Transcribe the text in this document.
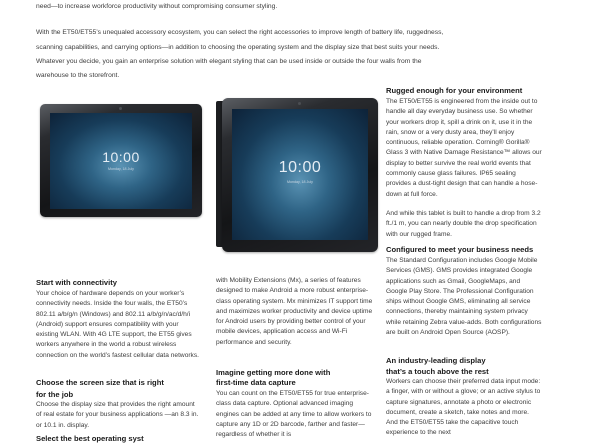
need—to increase workforce productivity without compromising consumer styling.

With the ET50/ET55’s unequaled accessory ecosystem, you can select the right accessories to improve length of battery life, ruggedness,

scanning capabilities, and carrying options—in addition to choosing the operating system and the display size that best suits your needs.

Whatever you decide, you gain an enterprise solution with elegant styling that can be used inside or outside the four walls from the

warehouse to the storefront.

10:00
Monday, 18 July	10:00
Monday, 18 July
Start with connectivity

Your choice of hardware depends on your worker’s connectivity needs. Inside the four walls, the ET50’s 802.11 a/b/g/n (Windows) and 802.11 a/b/g/n/ac/d/h/i (Android) support ensures compatibility with your existing WLAN. With 4G LTE support, the ET55 gives workers anywhere in the world a robust wireless connection on the world’s fastest cellular data networks.

Choose the screen size that is right
for the job

Choose the display size that provides the right amount of real estate for your business applications —an 8.3 in. or 10.1 in. display.

Select the best operating syst

with Mobility Extensions (Mx), a series of features designed to make Android a more robust enterprise-class operating system. Mx minimizes IT support time and maximizes worker productivity and device uptime for Android users by providing better control of your mobile devices, application access and Wi-Fi performance and security.

Imagine getting more done with
first-time data capture

You can count on the ET50/ET55 for true enterprise-class data capture. Optional advanced imaging engines can be added at any time to allow workers to capture any 1D or 2D barcode, farther and faster—regardless of whether it is

Rugged enough for your environment

The ET50/ET55 is engineered from the inside out to handle all day everyday business use. So whether your workers drop it, spill a drink on it, use it in the rain, snow or a very dusty area, they’ll enjoy continuous, reliable operation. Corning® Gorilla® Glass 3 with Native Damage Resistance™ allows our display to better survive the real world events that commonly cause glass failures. IP65 sealing provides a dust-tight design that can handle a hose-down at full force.

And while this tablet is built to handle a drop from 3.2 ft./1 m, you can nearly double the drop specification with our rugged frame.

Configured to meet your business needs

The Standard Configuration includes Google Mobile Services (GMS). GMS provides integrated Google applications such as Gmail, GoogleMaps, and Google Play Store. The Professional Configuration ships without Google GMS, eliminating all service connections, thereby maintaining system privacy while retaining Zebra value-adds. Both configurations are built on Android Open Source (AOSP).

An industry-leading display
that’s a touch above the rest

Workers can choose their preferred data input mode: a finger, with or without a glove; or an active stylus to capture signatures, annotate a photo or electronic document, create a sketch, take notes and more. And the ET50/ET55 take the capacitive touch experience to the next
